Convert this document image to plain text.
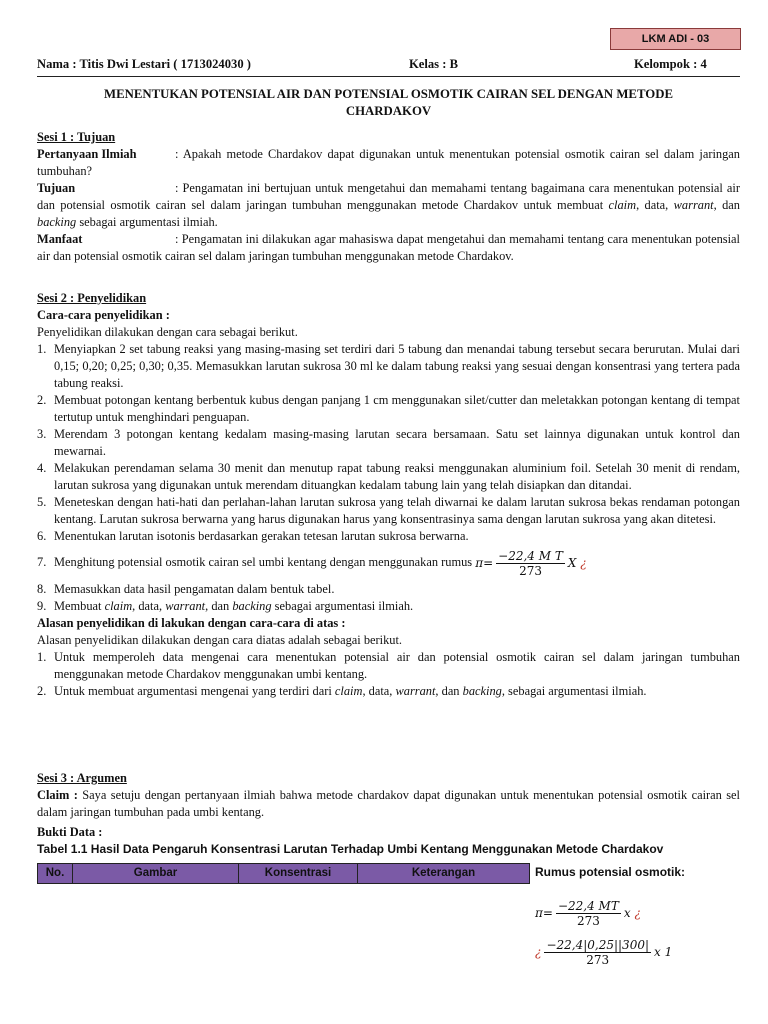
LKM ADI - 03
Nama : Titis Dwi Lestari ( 1713024030 )	Kelas : B	Kelompok : 4
MENENTUKAN POTENSIAL AIR DAN POTENSIAL OSMOTIK CAIRAN SEL DENGAN METODE
CHARDAKOV
Sesi 1 : Tujuan
Pertanyaan Ilmiah	: Apakah metode Chardakov dapat digunakan untuk menentukan potensial osmotik cairan sel dalam jaringan tumbuhan?
Tujuan	: Pengamatan ini bertujuan untuk mengetahui dan memahami tentang bagaimana cara menentukan potensial air dan potensial osmotik cairan sel dalam jaringan tumbuhan menggunakan metode Chardakov untuk membuat claim, data, warrant, dan backing sebagai argumentasi ilmiah.
Manfaat	: Pengamatan ini dilakukan agar mahasiswa dapat mengetahui dan memahami tentang cara menentukan potensial air dan potensial osmotik cairan sel dalam jaringan tumbuhan menggunakan metode Chardakov.
Sesi 2 : Penyelidikan
Cara-cara penyelidikan :
Penyelidikan dilakukan dengan cara sebagai berikut.
1. Menyiapkan 2 set tabung reaksi yang masing-masing set terdiri dari 5 tabung dan menandai tabung tersebut secara berurutan. Mulai dari 0,15; 0,20; 0,25; 0,30; 0,35. Memasukkan larutan sukrosa 30 ml ke dalam tabung reaksi yang sesuai dengan konsentrasi yang tertera pada tabung reaksi.
2. Membuat potongan kentang berbentuk kubus dengan panjang 1 cm menggunakan silet/cutter dan meletakkan potongan kentang di tempat tertutup untuk menghindari penguapan.
3. Merendam 3 potongan kentang kedalam masing-masing larutan secara bersamaan. Satu set lainnya digunakan untuk kontrol dan mewarnai.
4. Melakukan perendaman selama 30 menit dan menutup rapat tabung reaksi menggunakan aluminium foil. Setelah 30 menit di rendam, larutan sukrosa yang digunakan untuk merendam dituangkan kedalam tabung lain yang telah disiapkan dan ditandai.
5. Meneteskan dengan hati-hati dan perlahan-lahan larutan sukrosa yang telah diwarnai ke dalam larutan sukrosa bekas rendaman potongan kentang. Larutan sukrosa berwarna yang harus digunakan harus yang konsentrasinya sama dengan larutan sukrosa yang akan ditetesi.
6. Menentukan larutan isotonis berdasarkan gerakan tetesan larutan sukrosa berwarna.
7. Menghitung potensial osmotik cairan sel umbi kentang dengan menggunakan rumus $\pi= \frac{\text{−22,4 M T}}{273}$ X
¿
8. Memasukkan data hasil pengamatan dalam bentuk tabel.
9. Membuat claim, data, warrant, dan backing sebagai argumentasi ilmiah.
Alasan penyelidikan di lakukan dengan cara-cara di atas :
Alasan penyelidikan dilakukan dengan cara diatas adalah sebagai berikut.
1. Untuk memperoleh data mengenai cara menentukan potensial air dan potensial osmotik cairan sel dalam jaringan tumbuhan menggunakan metode Chardakov menggunakan umbi kentang.
2. Untuk membuat argumentasi mengenai yang terdiri dari claim, data, warrant, dan backing, sebagai argumentasi ilmiah.
Sesi 3 : Argumen
Claim : Saya setuju dengan pertanyaan ilmiah bahwa metode chardakov dapat digunakan untuk menentukan potensial osmotik cairan sel dalam jaringan tumbuhan pada umbi kentang.
Bukti Data :
Tabel 1.1 Hasil Data Pengaruh Konsentrasi Larutan Terhadap Umbi Kentang Menggunakan Metode Chardakov
No.	Gambar	Konsentrasi	Keterangan	Rumus potensial osmotik:
$\pi= \frac{-22,4 MT}{273}$ x
¿
¿ $\frac{-22,4|0,25||300|}{273}$ x 1
